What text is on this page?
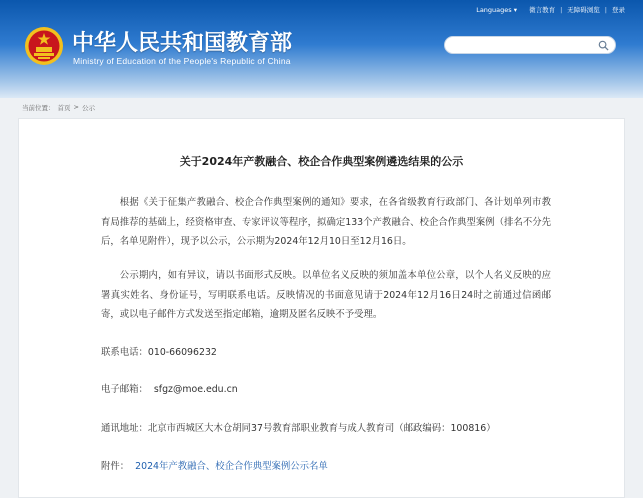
Languages ▾
微言教育 | 无障碍浏览 | 登录
中华人民共和国教育部
Ministry of Education of the People's Republic of China
当前位置： 首页 > 公示
关于2024年产教融合、校企合作典型案例遴选结果的公示
根据《关于征集产教融合、校企合作典型案例的通知》要求，在各省级教育行政部门、各计划单列市教育局推荐的基础上，经资格审查、专家评议等程序，拟确定133个产教融合、校企合作典型案例（排名不分先后，名单见附件），现予以公示，公示期为2024年12月10日至12月16日。
公示期内，如有异议，请以书面形式反映。以单位名义反映的须加盖本单位公章，以个人名义反映的应署真实姓名、身份证号，写明联系电话。反映情况的书面意见请于2024年12月16日24时之前通过信函邮寄，或以电子邮件方式发送至指定邮箱，逾期及匿名反映不予受理。
联系电话：010-66096232
电子邮箱： sfgz@moe.edu.cn
通讯地址：北京市西城区大木仓胡同37号教育部职业教育与成人教育司（邮政编码：100816）
附件： 2024年产教融合、校企合作典型案例公示名单
